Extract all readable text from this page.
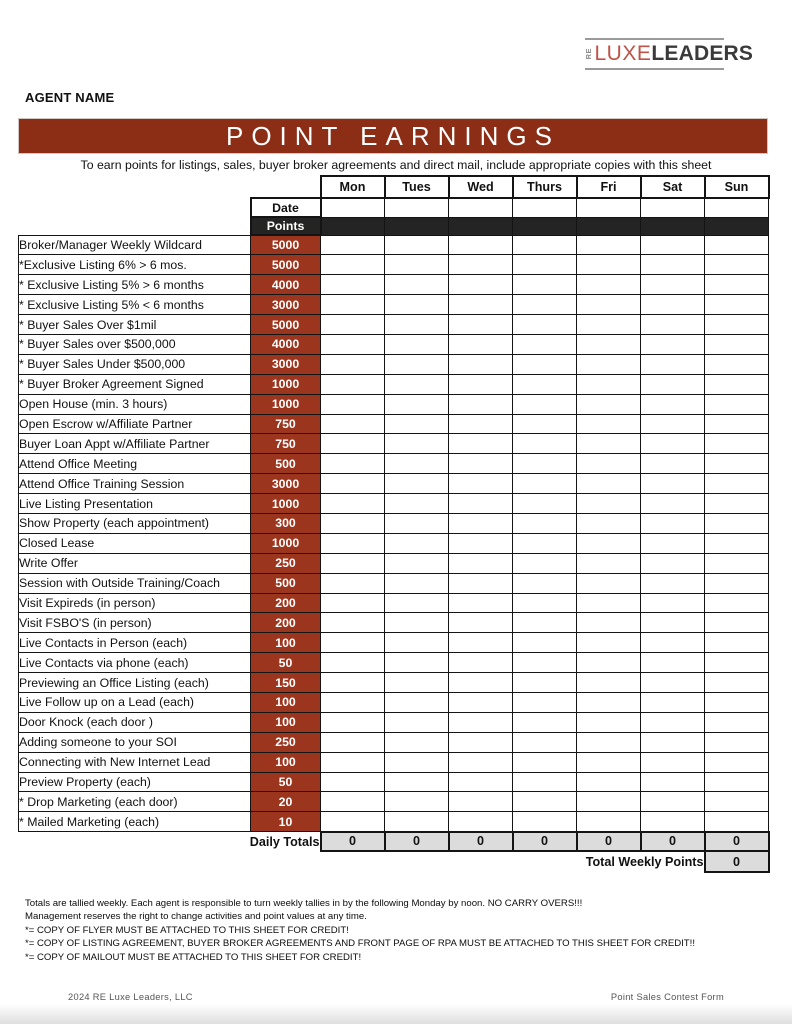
RE LUXE LEADERS
AGENT NAME
POINT EARNINGS
To earn points for listings, sales, buyer broker agreements and direct mail, include appropriate copies with this sheet
		Mon	Tues	Wed	Thurs	Fri	Sat	Sun
	Date							
	Points							
Broker/Manager Weekly Wildcard	5000							
*Exclusive Listing 6% > 6 mos.	5000							
* Exclusive Listing 5% > 6 months	4000							
* Exclusive Listing 5% < 6 months	3000							
* Buyer Sales Over $1mil	5000							
* Buyer Sales over $500,000	4000							
* Buyer Sales Under $500,000	3000							
* Buyer Broker Agreement Signed	1000							
Open House (min. 3 hours)	1000							
Open Escrow w/Affiliate Partner	750							
Buyer Loan Appt w/Affiliate Partner	750							
Attend Office Meeting	500							
Attend Office Training Session	3000							
Live Listing Presentation	1000							
Show Property (each appointment)	300							
Closed Lease	1000							
Write Offer	250							
Session with Outside Training/Coach	500							
Visit Expireds (in person)	200							
Visit FSBO'S (in person)	200							
Live Contacts in Person (each)	100							
Live Contacts via phone (each)	50							
Previewing an Office Listing (each)	150							
Live Follow up on a Lead (each)	100							
Door Knock (each door )	100							
Adding someone to your SOI	250							
Connecting with New Internet Lead	100							
Preview Property (each)	50							
* Drop Marketing (each door)	20							
* Mailed Marketing (each)	10							
Daily Totals		0	0	0	0	0	0	0
Total Weekly Points								0
Totals are tallied weekly. Each agent is responsible to turn weekly tallies in by the following Monday by noon. NO CARRY OVERS!!!
Management reserves the right to change activities and point values at any time.
*= COPY OF FLYER MUST BE ATTACHED TO THIS SHEET FOR CREDIT!
*= COPY OF LISTING AGREEMENT, BUYER BROKER AGREEMENTS AND FRONT PAGE OF RPA MUST BE ATTACHED TO THIS SHEET FOR CREDIT!!
*= COPY OF MAILOUT MUST BE ATTACHED TO THIS SHEET FOR CREDIT!
2024 RE Luxe Leaders, LLC	Point Sales Contest Form
